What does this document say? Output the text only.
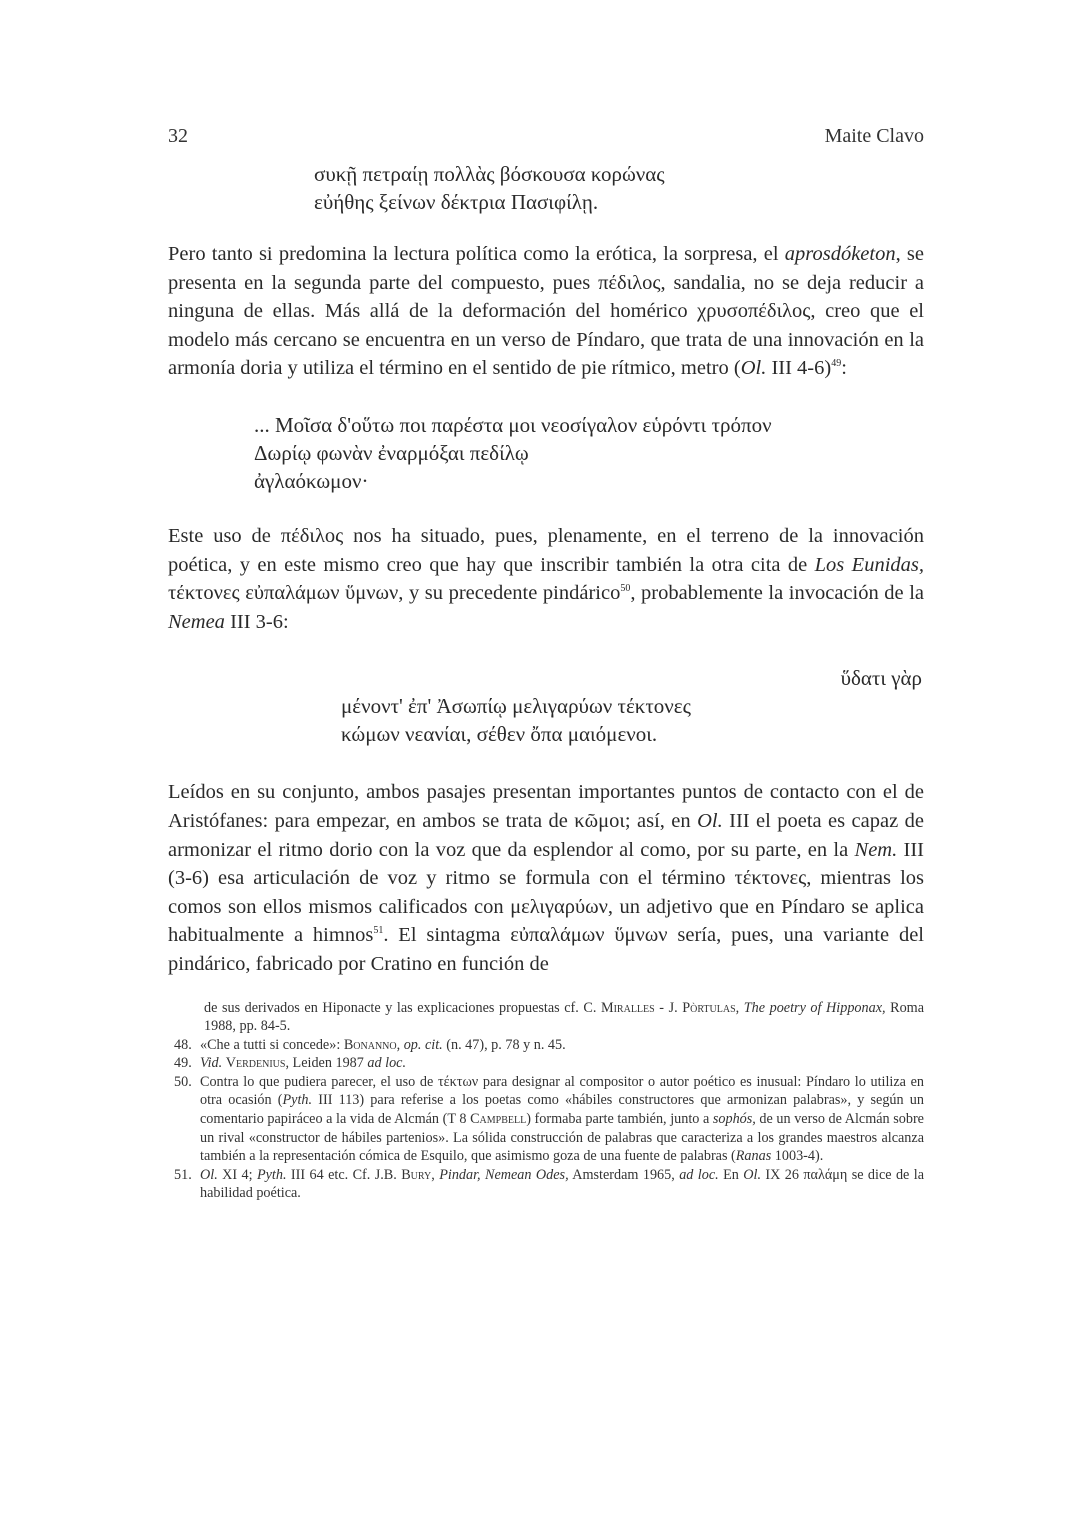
32	Maite Clavo
συκῇ πετραίῃ πολλὰς βόσκουσα κορώνας
εὐήθης ξείνων δέκτρια Πασιφίλῃ.

Pero tanto si predomina la lectura política como la erótica, la sorpresa, el aprosdóketon, se presenta en la segunda parte del compuesto, pues πέδιλος, sandalia, no se deja reducir a ninguna de ellas. Más allá de la deformación del homérico χρυσοπέδιλος, creo que el modelo más cercano se encuentra en un verso de Píndaro, que trata de una innovación en la armonía doria y utiliza el término en el sentido de pie rítmico, metro (Ol. III 4-6)$^{49}$:

... Μοῖσα δ'οὕτω ποι παρέστα μοι νεοσίγαλον εὑρόντι τρόπον
Δωρίῳ φωνὰν ἐναρμόξαι πεδίλῳ
ἀγλαόκωμον·

Este uso de πέδιλος nos ha situado, pues, plenamente, en el terreno de la innovación poética, y en este mismo creo que hay que inscribir también la otra cita de Los Eunidas, τέκτονες εὐπαλάμων ὕμνων, y su precedente pindárico$^{50}$, probablemente la invocación de la Nemea III 3-6:

ὕδατι γὰρ
μένοντ' ἐπ' Ἀσωπίῳ μελιγαρύων τέκτονες
κώμων νεανίαι, σέθεν ὄπα μαιόμενοι.

Leídos en su conjunto, ambos pasajes presentan importantes puntos de contacto con el de Aristófanes: para empezar, en ambos se trata de κῶμοι; así, en Ol. III el poeta es capaz de armonizar el ritmo dorio con la voz que da esplendor al como, por su parte, en la Nem. III (3-6) esa articulación de voz y ritmo se formula con el término τέκτονες, mientras los comos son ellos mismos calificados con μελιγαρύων, un adjetivo que en Píndaro se aplica habitualmente a himnos$^{51}$. El sintagma εὐπαλάμων ὕμνων sería, pues, una variante del pindárico, fabricado por Cratino en función de

de sus derivados en Hiponacte y las explicaciones propuestas cf. C. Miralles - J. Pòrtulas, The poetry of Hipponax, Roma 1988, pp. 84-5.
48. «Che a tutti si concede»: Bonanno, op. cit. (n. 47), p. 78 y n. 45.
49. Vid. Verdenius, Leiden 1987 ad loc.
50. Contra lo que pudiera parecer, el uso de τέκτων para designar al compositor o autor poético es inusual: Píndaro lo utiliza en otra ocasión (Pyth. III 113) para referise a los poetas como «hábiles constructores que armonizan palabras», y según un comentario papiráceo a la vida de Alcmán (T 8 Campbell) formaba parte también, junto a sophós, de un verso de Alcmán sobre un rival «constructor de hábiles partenios». La sólida construcción de palabras que caracteriza a los grandes maestros alcanza también a la representación cómica de Esquilo, que asimismo goza de una fuente de palabras (Ranas 1003-4).
51. Ol. XI 4; Pyth. III 64 etc. Cf. J.B. Bury, Pindar, Nemean Odes, Amsterdam 1965, ad loc. En Ol. IX 26 παλάμη se dice de la habilidad poética.
